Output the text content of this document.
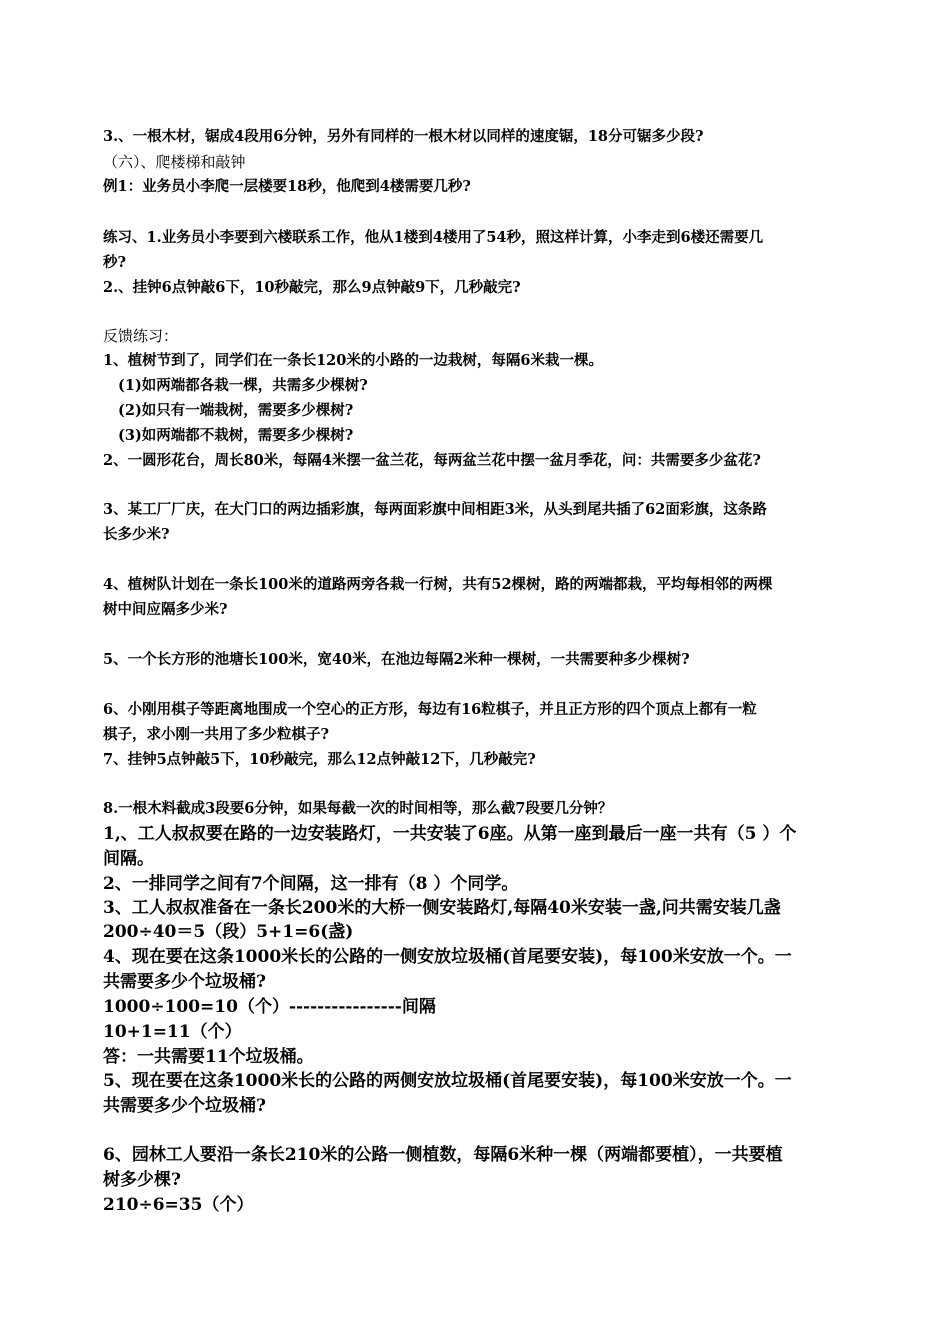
3.、一根木材，锯成4段用6分钟，另外有同样的一根木材以同样的速度锯，18分可锯多少段?
（六）、爬楼梯和敲钟
例1：业务员小李爬一层楼要18秒，他爬到4楼需要几秒?
练习、1.业务员小李要到六楼联系工作，他从1楼到4楼用了54秒，照这样计算，小李走到6楼还需要几
秒?
2.、挂钟6点钟敲6下，10秒敲完，那么9点钟敲9下，几秒敲完?
反馈练习：
1、植树节到了，同学们在一条长120米的小路的一边栽树，每隔6米栽一棵。
(1)如两端都各栽一棵，共需多少棵树?
(2)如只有一端栽树，需要多少棵树?
(3)如两端都不栽树，需要多少棵树?
2、一圆形花台，周长80米，每隔4米摆一盆兰花，每两盆兰花中摆一盆月季花，问：共需要多少盆花?
3、某工厂厂庆，在大门口的两边插彩旗，每两面彩旗中间相距3米，从头到尾共插了62面彩旗，这条路
长多少米?
4、植树队计划在一条长100米的道路两旁各栽一行树，共有52棵树，路的两端都栽，平均每相邻的两棵
树中间应隔多少米?
5、一个长方形的池塘长100米，宽40米，在池边每隔2米种一棵树，一共需要种多少棵树?
6、小刚用棋子等距离地围成一个空心的正方形，每边有16粒棋子，并且正方形的四个顶点上都有一粒
棋子，求小刚一共用了多少粒棋子?
7、挂钟5点钟敲5下，10秒敲完，那么12点钟敲12下，几秒敲完?
8.一根木料截成3段要6分钟，如果每截一次的时间相等，那么截7段要几分钟？
1,、工人叔叔要在路的一边安装路灯，一共安装了6座。从第一座到最后一座一共有（5 ）个
间隔。
2、一排同学之间有7个间隔，这一排有（8 ）个同学。
3、工人叔叔准备在一条长200米的大桥一侧安装路灯,每隔40米安装一盏,问共需安装几盏
200÷40＝5（段）5+1=6(盏)
4、现在要在这条1000米长的公路的一侧安放垃圾桶(首尾要安装)，每100米安放一个。一
共需要多少个垃圾桶?
1000÷100=10（个）----------------间隔
10+1=11（个）
答：一共需要11个垃圾桶。
5、现在要在这条1000米长的公路的两侧安放垃圾桶(首尾要安装)，每100米安放一个。一
共需要多少个垃圾桶?
6、园林工人要沿一条长210米的公路一侧植数，每隔6米种一棵（两端都要植），一共要植
树多少棵?
210÷6=35（个）
